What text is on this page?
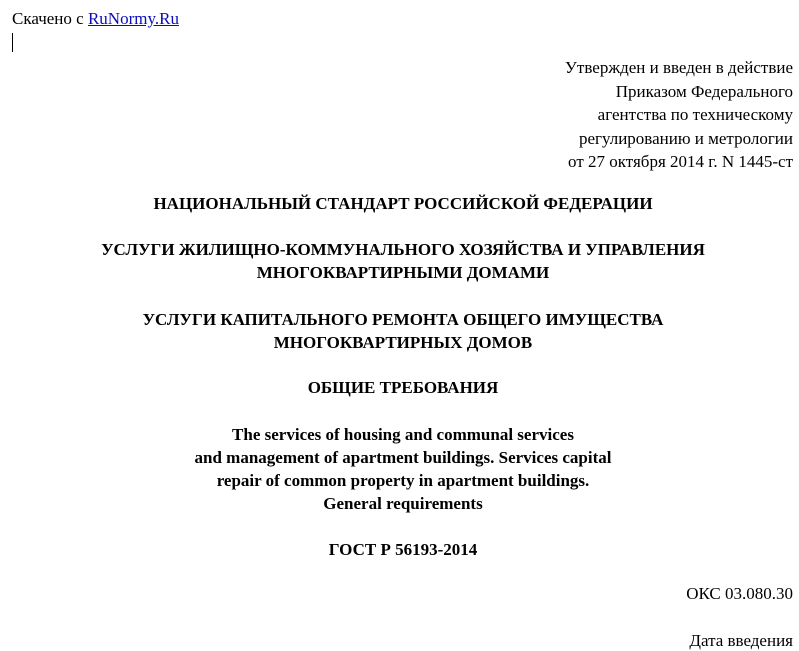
Скачено с RuNormy.Ru
Утвержден и введен в действие
Приказом Федерального
агентства по техническому
регулированию и метрологии
от 27 октября 2014 г. N 1445-ст
НАЦИОНАЛЬНЫЙ СТАНДАРТ РОССИЙСКОЙ ФЕДЕРАЦИИ
УСЛУГИ ЖИЛИЩНО-КОММУНАЛЬНОГО ХОЗЯЙСТВА И УПРАВЛЕНИЯ
МНОГОКВАРТИРНЫМИ ДОМАМИ
УСЛУГИ КАПИТАЛЬНОГО РЕМОНТА ОБЩЕГО ИМУЩЕСТВА
МНОГОКВАРТИРНЫХ ДОМОВ
ОБЩИЕ ТРЕБОВАНИЯ
The services of housing and communal services
and management of apartment buildings. Services capital
repair of common property in apartment buildings.
General requirements
ГОСТ Р 56193-2014
ОКС 03.080.30
Дата введения
